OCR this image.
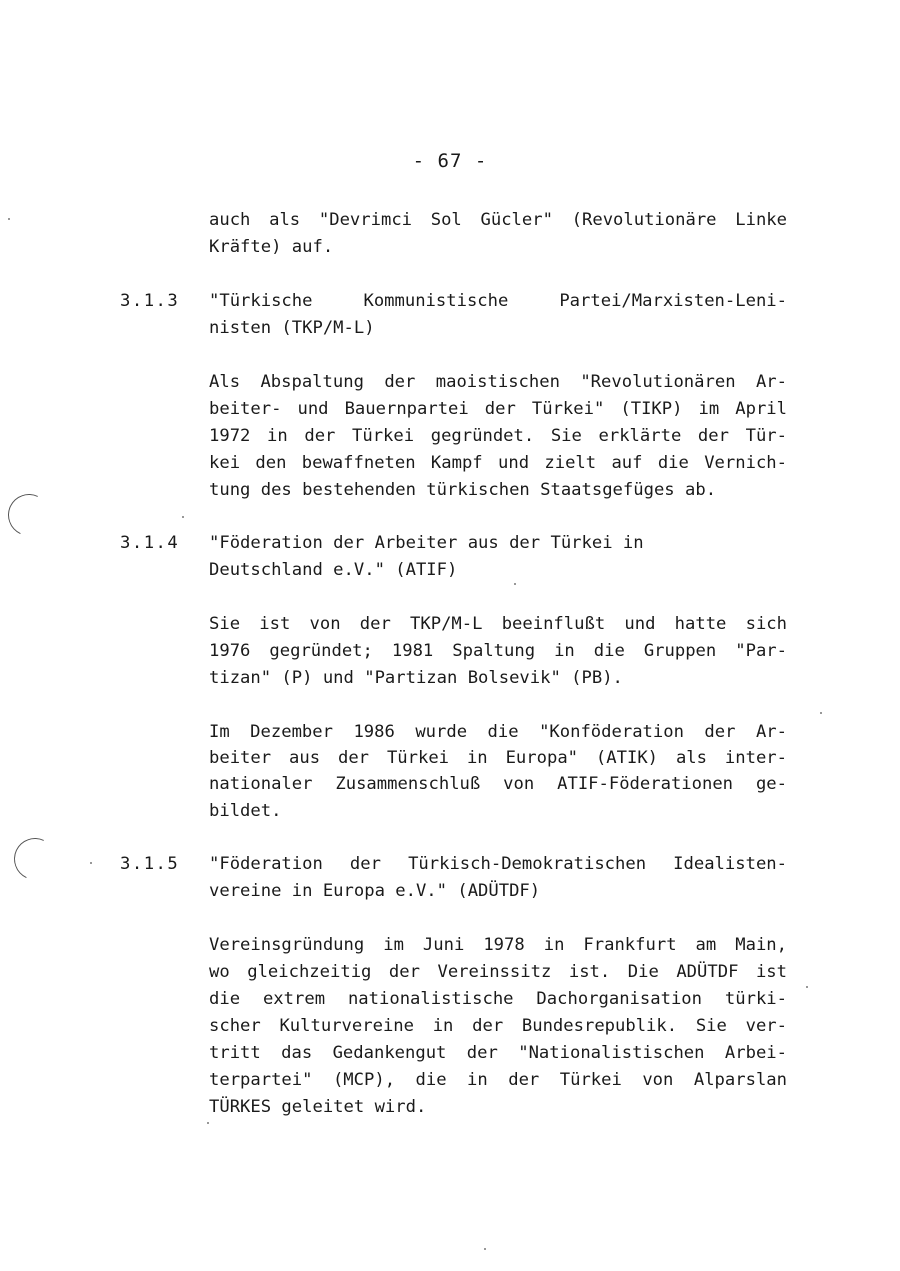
- 67 -
auch als "Devrimci Sol Gücler" (Revolutionäre Linke
Kräfte) auf.
3.1.3 "Türkische Kommunistische Partei/Marxisten-Leni-
nisten (TKP/M-L)
Als Abspaltung der maoistischen "Revolutionären Ar-
beiter- und Bauernpartei der Türkei" (TIKP) im April
1972 in der Türkei gegründet. Sie erklärte der Tür-
kei den bewaffneten Kampf und zielt auf die Vernich-
tung des bestehenden türkischen Staatsgefüges ab.
3.1.4 "Föderation der Arbeiter aus der Türkei in
Deutschland e.V." (ATIF)
Sie ist von der TKP/M-L beeinflußt und hatte sich
1976 gegründet; 1981 Spaltung in die Gruppen "Par-
tizan" (P) und "Partizan Bolsevik" (PB).
Im Dezember 1986 wurde die "Konföderation der Ar-
beiter aus der Türkei in Europa" (ATIK) als inter-
nationaler Zusammenschluß von ATIF-Föderationen ge-
bildet.
3.1.5 "Föderation der Türkisch-Demokratischen Idealisten-
vereine in Europa e.V." (ADÜTDF)
Vereinsgründung im Juni 1978 in Frankfurt am Main,
wo gleichzeitig der Vereinssitz ist. Die ADÜTDF ist
die extrem nationalistische Dachorganisation türki-
scher Kulturvereine in der Bundesrepublik. Sie ver-
tritt das Gedankengut der "Nationalistischen Arbei-
terpartei" (MCP), die in der Türkei von Alparslan
TÜRKES geleitet wird.
